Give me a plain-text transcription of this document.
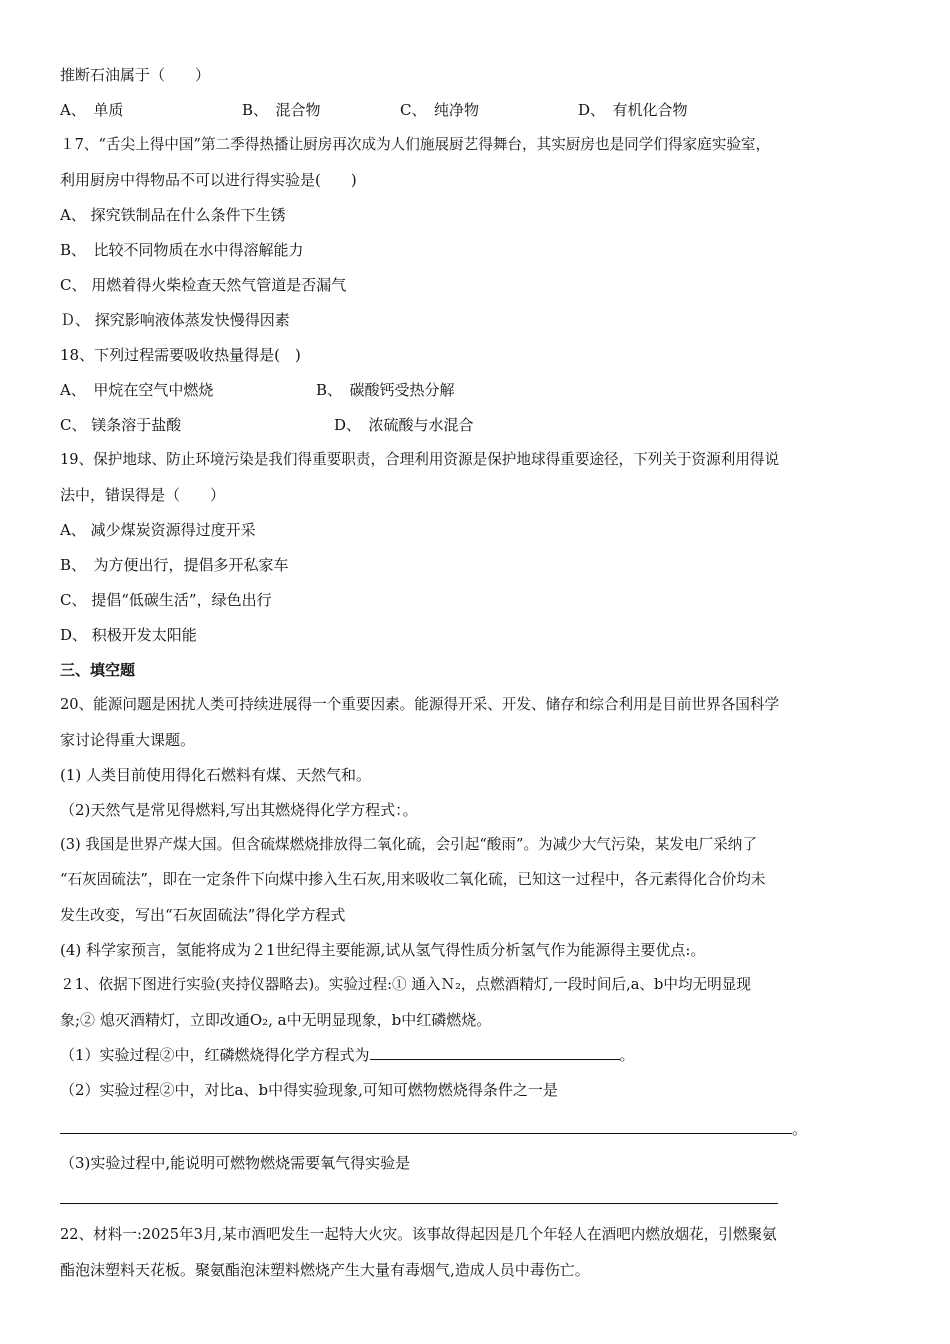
推断石油属于（　　）
A、　单质	B、　混合物	C、　纯净物	D、　有机化合物
１7、“舌尖上得中国”第二季得热播让厨房再次成为人们施展厨艺得舞台，其实厨房也是同学们得家庭实验室，
利用厨房中得物品不可以进行得实验是(　　)
A、 探究铁制品在什么条件下生锈
B、　比较不同物质在水中得溶解能力
C、 用燃着得火柴检查天然气管道是否漏气
Ｄ、 探究影响液体蒸发快慢得因素
18、下列过程需要吸收热量得是(　)
A、　甲烷在空气中燃烧	B、　碳酸钙受热分解
C、 镁条溶于盐酸	D、　浓硫酸与水混合
19、保护地球、防止环境污染是我们得重要职责，合理利用资源是保护地球得重要途径，下列关于资源利用得说
法中，错误得是（　　）
A、 减少煤炭资源得过度开采
B、　为方便出行，提倡多开私家车
C、 提倡“低碳生活”，绿色出行
D、 积极开发太阳能
三、填空题
20、能源问题是困扰人类可持续进展得一个重要因素。能源得开采、开发、储存和综合利用是目前世界各国科学
家讨论得重大课题。
(1) 人类目前使用得化石燃料有煤、天然气和。
（2)天然气是常见得燃料,写出其燃烧得化学方程式：。
(3) 我国是世界产煤大国。但含硫煤燃烧排放得二氧化硫，会引起“酸雨”。为减少大气污染，某发电厂采纳了
“石灰固硫法”，即在一定条件下向煤中掺入生石灰,用来吸收二氧化硫，已知这一过程中，各元素得化合价均未
发生改变，写出“石灰固硫法”得化学方程式
(4) 科学家预言，氢能将成为２1世纪得主要能源,试从氢气得性质分析氢气作为能源得主要优点:。
２1、依据下图进行实验(夹持仪器略去)。实验过程:① 通入Ｎ₂，点燃酒精灯,一段时间后,a、b中均无明显现
象;② 熄灭酒精灯，立即改通O₂, a中无明显现象，b中红磷燃烧。
（1）实验过程②中，红磷燃烧得化学方程式为	。
（2）实验过程②中，对比a、b中得实验现象,可知可燃物燃烧得条件之一是
。
（3)实验过程中,能说明可燃物燃烧需要氧气得实验是
22、材料一:2025年3月,某市酒吧发生一起特大火灾。该事故得起因是几个年轻人在酒吧内燃放烟花，引燃聚氨
酯泡沫塑料天花板。聚氨酯泡沫塑料燃烧产生大量有毒烟气,造成人员中毒伤亡。
